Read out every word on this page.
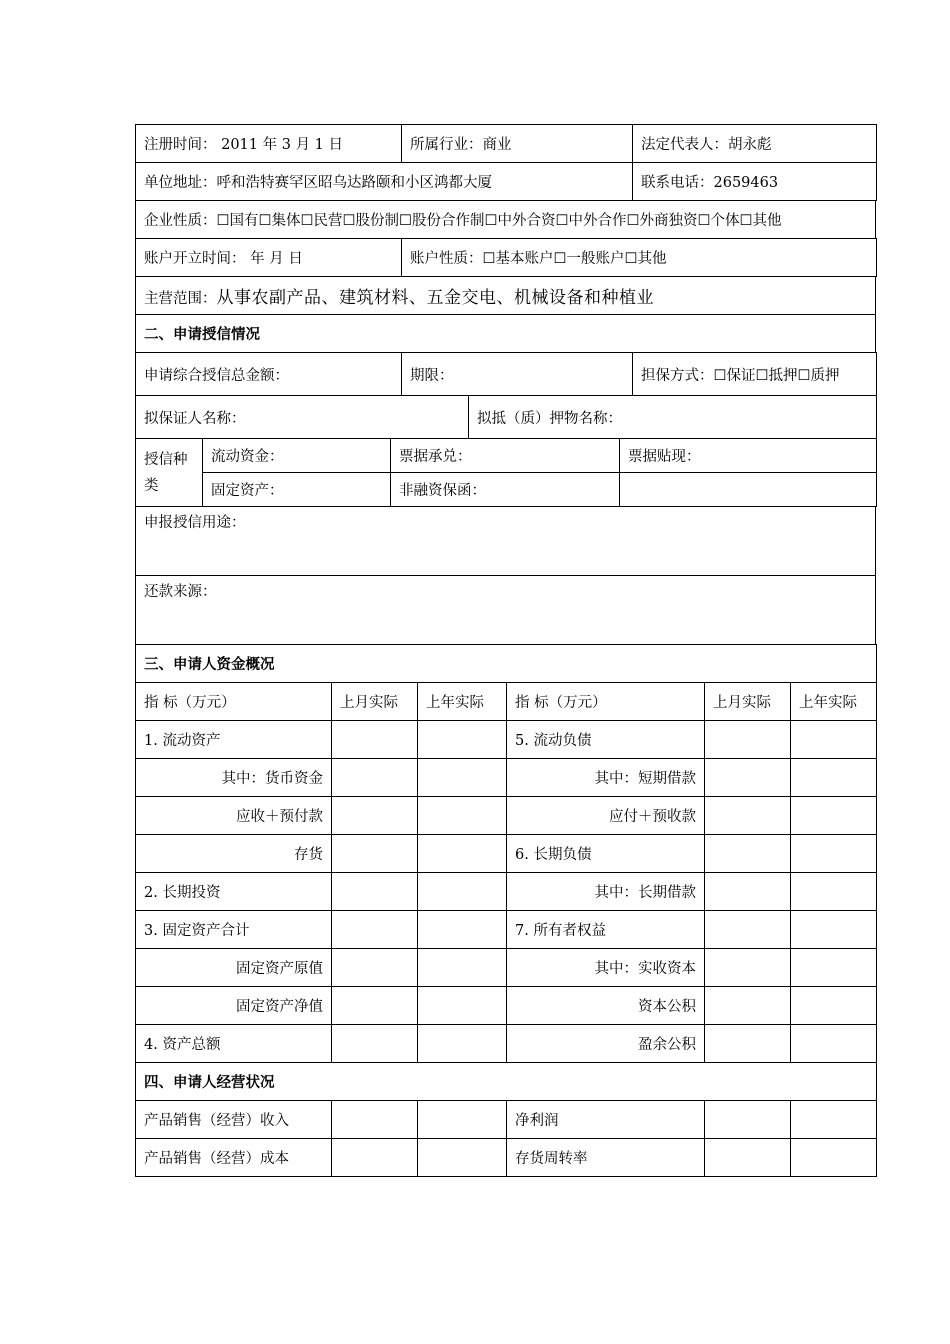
注册时间： 2011 年 3 月 1 日	所属行业：商业	法定代表人：胡永彪
单位地址：呼和浩特赛罕区昭乌达路颐和小区鸿都大厦	联系电话：2659463
企业性质：☐国有☐集体☐民营☐股份制☐股份合作制☐中外合资☐中外合作☐外商独资☐个体☐其他
账户开立时间： 年 月 日	账户性质：☐基本账户☐一般账户☐其他
主营范围：从事农副产品、建筑材料、五金交电、机械设备和种植业
二、申请授信情况
申请综合授信总金额：	期限：	担保方式：☐保证☐抵押☐质押
拟保证人名称：	拟抵（质）押物名称：
授信种类	流动资金：	票据承兑：	票据贴现：
	固定资产：	非融资保函：	
申报授信用途：
还款来源：
三、申请人资金概况					
指 标（万元）	上月实际	上年实际	指 标（万元）	上月实际	上年实际
1. 流动资产			5. 流动负债		
其中：货币资金			其中：短期借款		
应收＋预付款			应付＋预收款		
存货			6. 长期负债		
2. 长期投资			其中：长期借款		
3. 固定资产合计			7. 所有者权益		
固定资产原值			其中：实收资本		
固定资产净值			资本公积		
4. 资产总额			盈余公积		
四、申请人经营状况					
产品销售（经营）收入			净利润		
产品销售（经营）成本			存货周转率		
